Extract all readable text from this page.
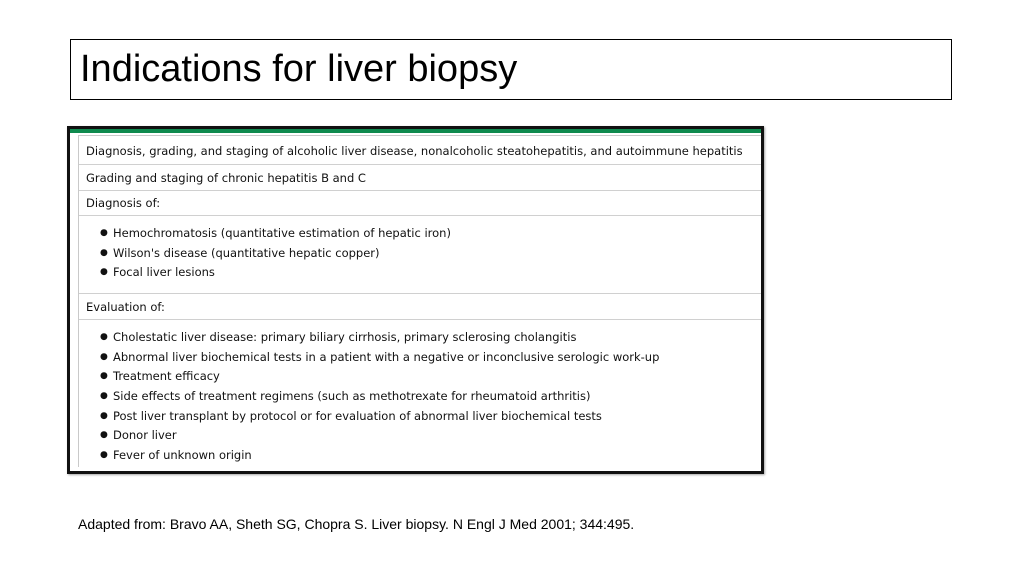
Indications for liver biopsy
Diagnosis, grading, and staging of alcoholic liver disease, nonalcoholic steatohepatitis, and autoimmune hepatitis
Grading and staging of chronic hepatitis B and C
Diagnosis of:
● Hemochromatosis (quantitative estimation of hepatic iron)
● Wilson's disease (quantitative hepatic copper)
● Focal liver lesions
Evaluation of:
● Cholestatic liver disease: primary biliary cirrhosis, primary sclerosing cholangitis
● Abnormal liver biochemical tests in a patient with a negative or inconclusive serologic work-up
● Treatment efficacy
● Side effects of treatment regimens (such as methotrexate for rheumatoid arthritis)
● Post liver transplant by protocol or for evaluation of abnormal liver biochemical tests
● Donor liver
● Fever of unknown origin
Adapted from: Bravo AA, Sheth SG, Chopra S. Liver biopsy. N Engl J Med 2001; 344:495.
